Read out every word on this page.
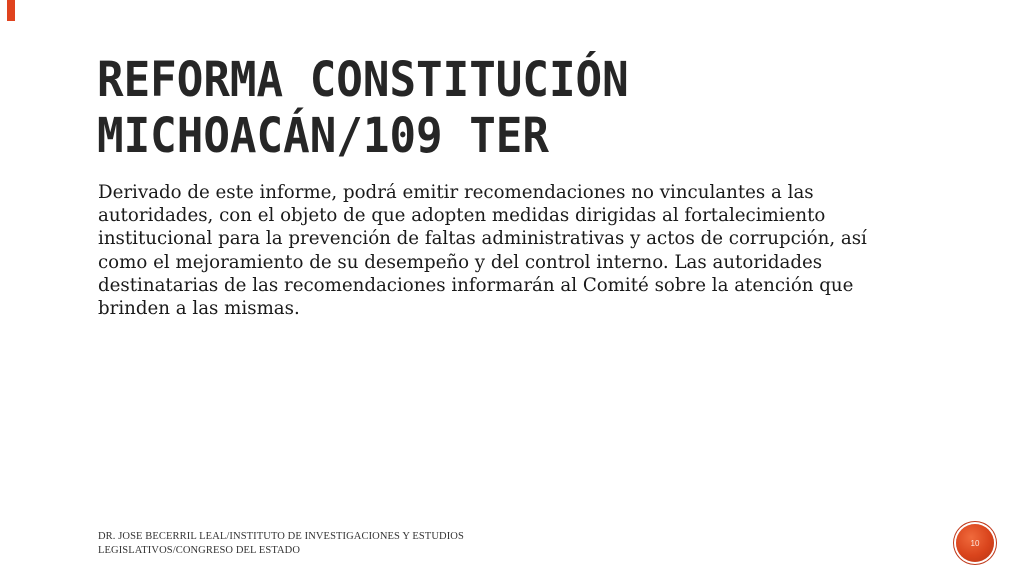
REFORMA CONSTITUCIÓN MICHOACÁN/109 TER

Derivado de este informe, podrá emitir recomendaciones no vinculantes a las autoridades, con el objeto de que adopten medidas dirigidas al fortalecimiento institucional para la prevención de faltas administrativas y actos de corrupción, así como el mejoramiento de su desempeño y del control interno. Las autoridades destinatarias de las recomendaciones informarán al Comité sobre la atención que brinden a las mismas.

DR. JOSE BECERRIL LEAL/INSTITUTO DE INVESTIGACIONES Y ESTUDIOS LEGISLATIVOS/CONGRESO DEL ESTADO

10
